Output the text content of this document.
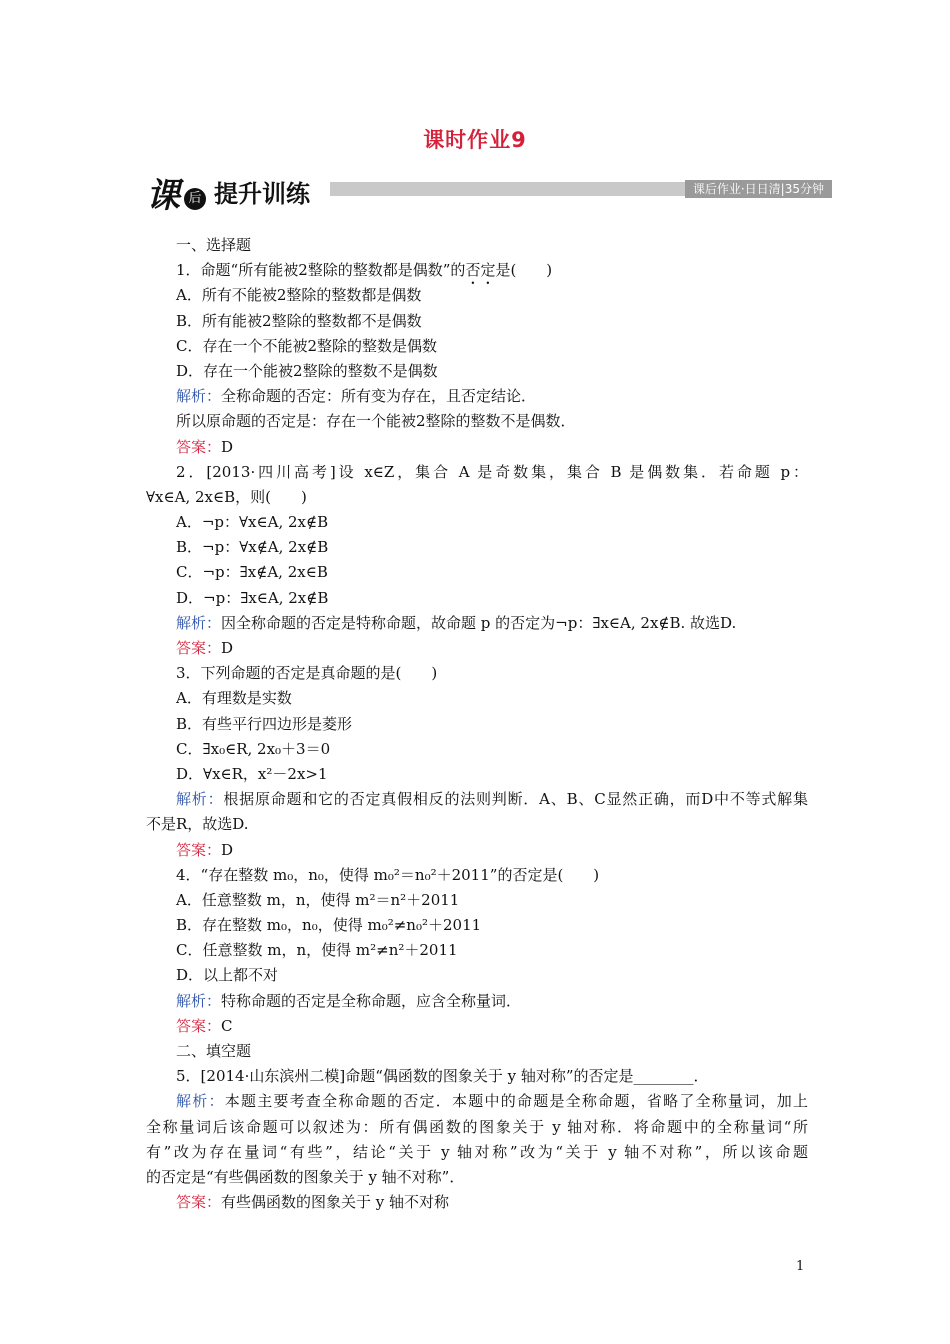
课时作业9
课 后 提升训练	课后作业·日日清|35分钟
一、选择题
1．命题“所有能被2整除的整数都是偶数”的否定是(　　)
A．所有不能被2整除的整数都是偶数
B．所有能被2整除的整数都不是偶数
C．存在一个不能被2整除的整数是偶数
D．存在一个能被2整除的整数不是偶数
解析：全称命题的否定：所有变为存在，且否定结论．
所以原命题的否定是：存在一个能被2整除的整数不是偶数．
答案：D
2．[2013·四川高考]设 x∈Z，集合 A 是奇数集，集合 B 是偶数集．若命题 p：
∀x∈A, 2x∈B，则(　　)
A．¬p：∀x∈A, 2x∉B
B．¬p：∀x∉A, 2x∉B
C．¬p：∃x∉A, 2x∈B
D．¬p：∃x∈A, 2x∉B
解析：因全称命题的否定是特称命题，故命题 p 的否定为¬p：∃x∈A, 2x∉B. 故选D.
答案：D
3．下列命题的否定是真命题的是(　　)
A．有理数是实数
B．有些平行四边形是菱形
C．∃x₀∈R, 2x₀＋3＝0
D．∀x∈R，x²－2x>1
解析：根据原命题和它的否定真假相反的法则判断．A、B、C显然正确，而D中不等式解集
不是R，故选D.
答案：D
4．“存在整数 m₀，n₀，使得 m₀²＝n₀²＋2011”的否定是(　　)
A．任意整数 m，n，使得 m²＝n²＋2011
B．存在整数 m₀，n₀，使得 m₀²≠n₀²＋2011
C．任意整数 m，n，使得 m²≠n²＋2011
D．以上都不对
解析：特称命题的否定是全称命题，应含全称量词．
答案：C
二、填空题
5．[2014·山东滨州二模]命题“偶函数的图象关于 y 轴对称”的否定是________．
解析：本题主要考查全称命题的否定．本题中的命题是全称命题，省略了全称量词，加上
全称量词后该命题可以叙述为：所有偶函数的图象关于 y 轴对称．将命题中的全称量词“所
有”改为存在量词“有些”，结论“关于 y 轴对称”改为“关于 y 轴不对称”，所以该命题
的否定是“有些偶函数的图象关于 y 轴不对称”．
答案：有些偶函数的图象关于 y 轴不对称
1
